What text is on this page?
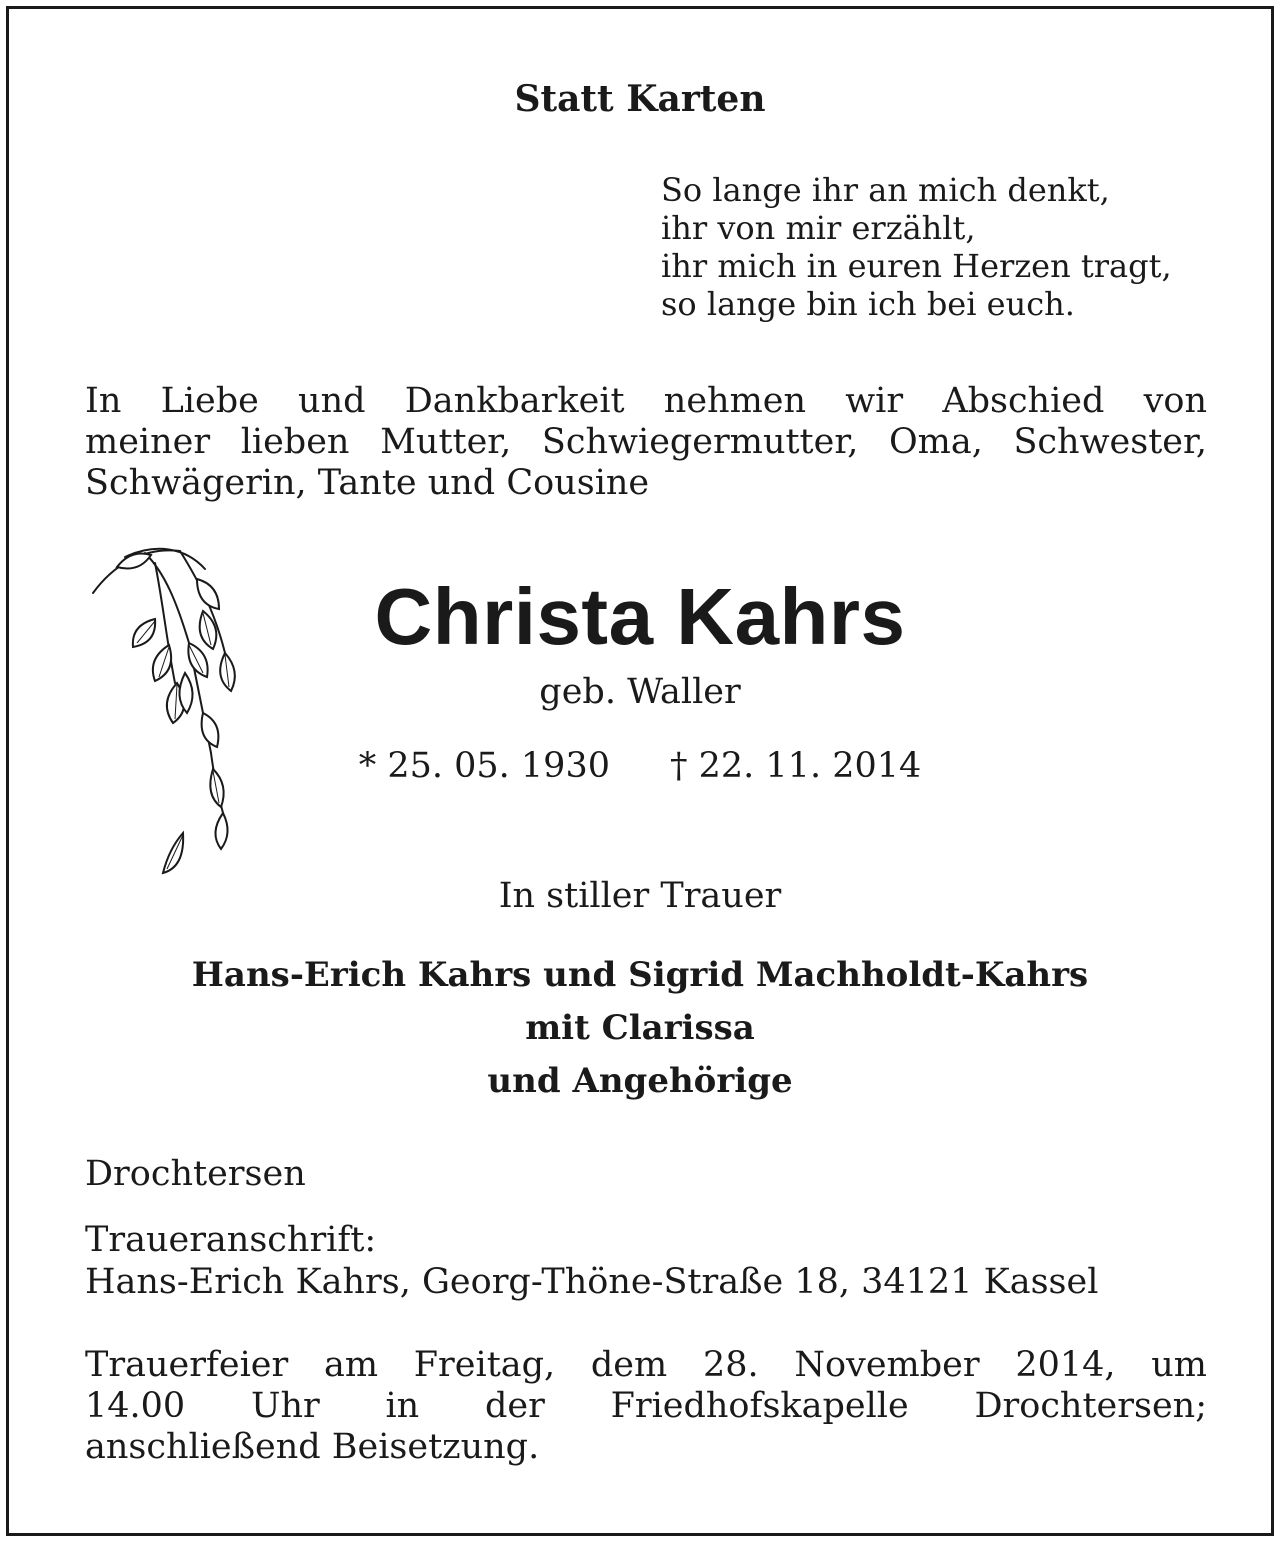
Statt Karten
So lange ihr an mich denkt,
ihr von mir erzählt,
ihr mich in euren Herzen tragt,
so lange bin ich bei euch.
In Liebe und Dankbarkeit nehmen wir Abschied von
meiner lieben Mutter, Schwiegermutter, Oma, Schwester,
Schwägerin, Tante und Cousine
Christa Kahrs

geb. Waller

* 25. 05. 1930 † 22. 11. 2014

In stiller Trauer

Hans-Erich Kahrs und Sigrid Machholdt-Kahrs
mit Clarissa
und Angehörige

Drochtersen

Traueranschrift:
Hans-Erich Kahrs, Georg-Thöne-Straße 18, 34121 Kassel
Trauerfeier am Freitag, dem 28. November 2014, um
14.00 Uhr in der Friedhofskapelle Drochtersen;
anschließend Beisetzung.
